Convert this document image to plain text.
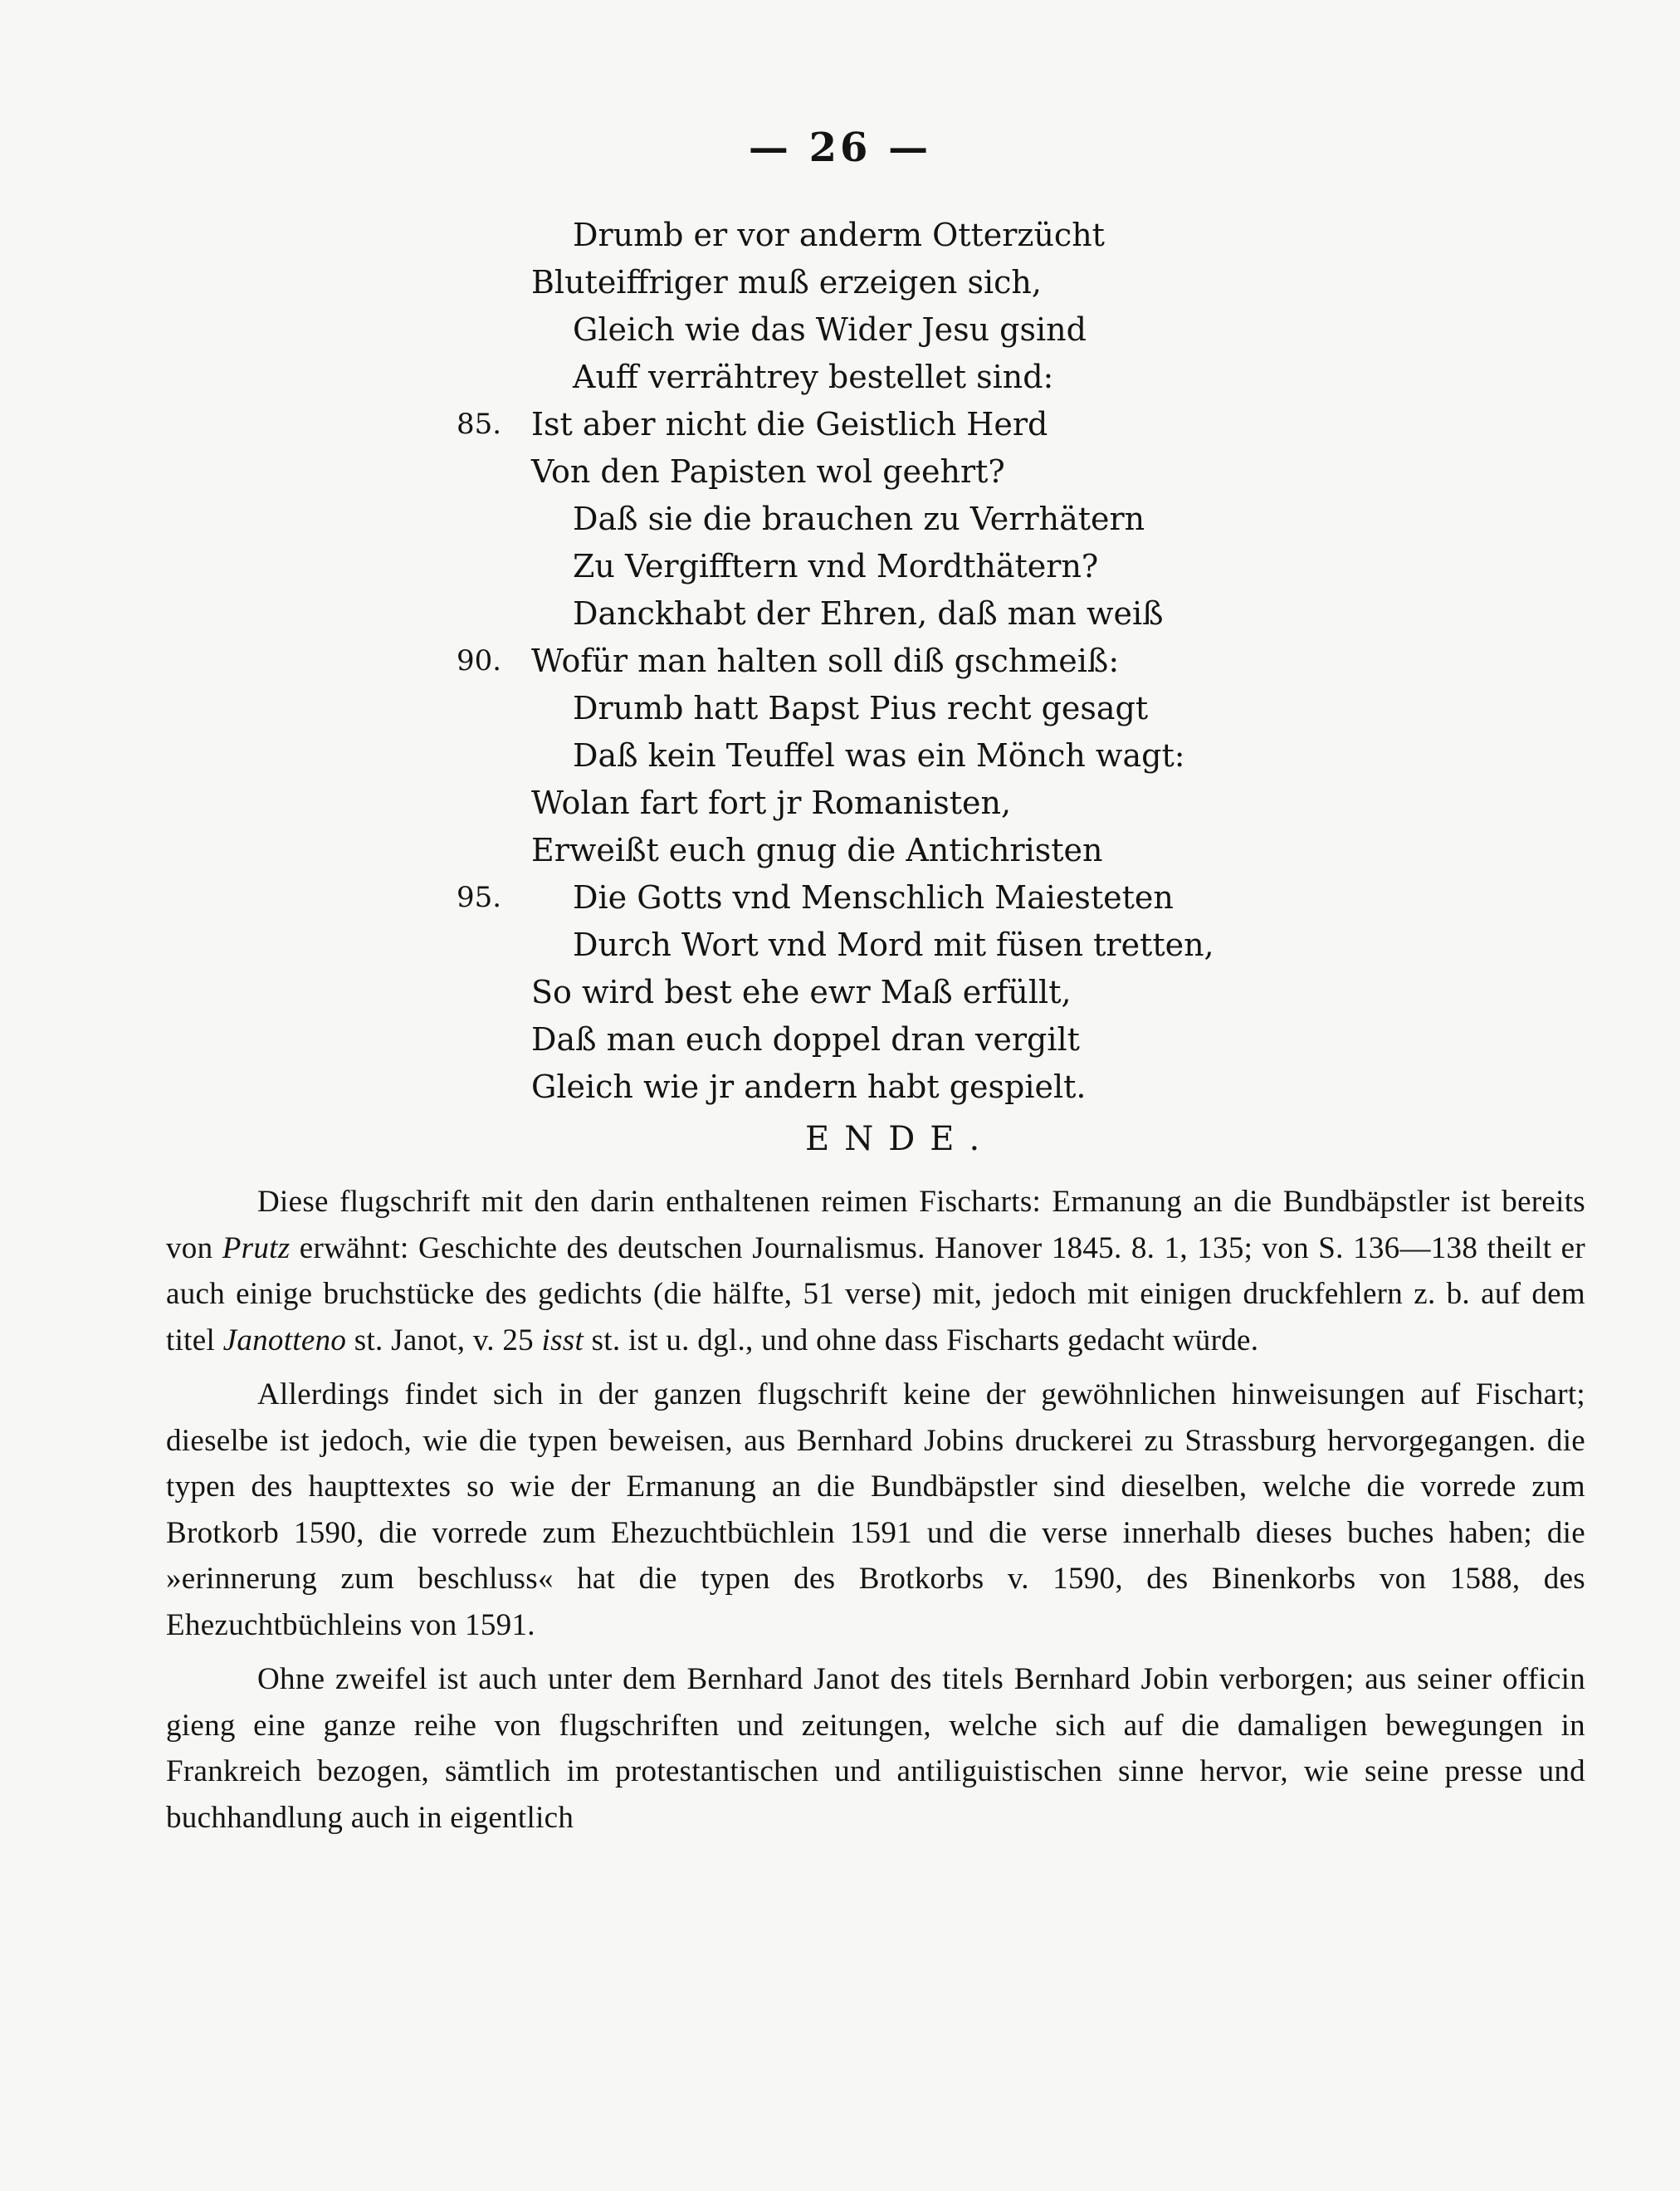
— 26 —
Drumb er vor anderm Otterzücht
Bluteiffriger muß erzeigen sich,
Gleich wie das Wider Jesu gsind
Auff verrähtrey bestellet sind:
85. Ist aber nicht die Geistlich Herd
Von den Papisten wol geehrt?
Daß sie die brauchen zu Verrhätern
Zu Vergifftern vnd Mordthätern?
Danckhabt der Ehren, daß man weiß
90. Wofür man halten soll diß gschmeiß:
Drumb hatt Bapst Pius recht gesagt
Daß kein Teuffel was ein Mönch wagt:
Wolan fart fort jr Romanisten,
Erweißt euch gnug die Antichristen
95. Die Gotts vnd Menschlich Maiesteten
Durch Wort vnd Mord mit füsen tretten,
So wird best ehe ewr Maß erfüllt,
Daß man euch doppel dran vergilt
Gleich wie jr andern habt gespielt.
ENDE.

Diese flugschrift mit den darin enthaltenen reimen Fischarts: Ermanung an die Bundbäpstler ist bereits von Prutz erwähnt: Geschichte des deutschen Journalismus. Hanover 1845. 8. 1, 135; von S. 136—138 theilt er auch einige bruchstücke des gedichts (die hälfte, 51 verse) mit, jedoch mit einigen druckfehlern z. b. auf dem titel Janotteno st. Janot, v. 25 isst st. ist u. dgl., und ohne dass Fischarts gedacht würde.

Allerdings findet sich in der ganzen flugschrift keine der gewöhnlichen hinweisungen auf Fischart; dieselbe ist jedoch, wie die typen beweisen, aus Bernhard Jobins druckerei zu Strassburg hervorgegangen. die typen des haupttextes so wie der Ermanung an die Bundbäpstler sind dieselben, welche die vorrede zum Brotkorb 1590, die vorrede zum Ehezuchtbüchlein 1591 und die verse innerhalb dieses buches haben; die »erinnerung zum beschluss« hat die typen des Brotkorbs v. 1590, des Binenkorbs von 1588, des Ehezuchtbüchleins von 1591.

Ohne zweifel ist auch unter dem Bernhard Janot des titels Bernhard Jobin verborgen; aus seiner officin gieng eine ganze reihe von flugschriften und zeitungen, welche sich auf die damaligen bewegungen in Frankreich bezogen, sämtlich im protestantischen und antiliguistischen sinne hervor, wie seine presse und buchhandlung auch in eigentlich
